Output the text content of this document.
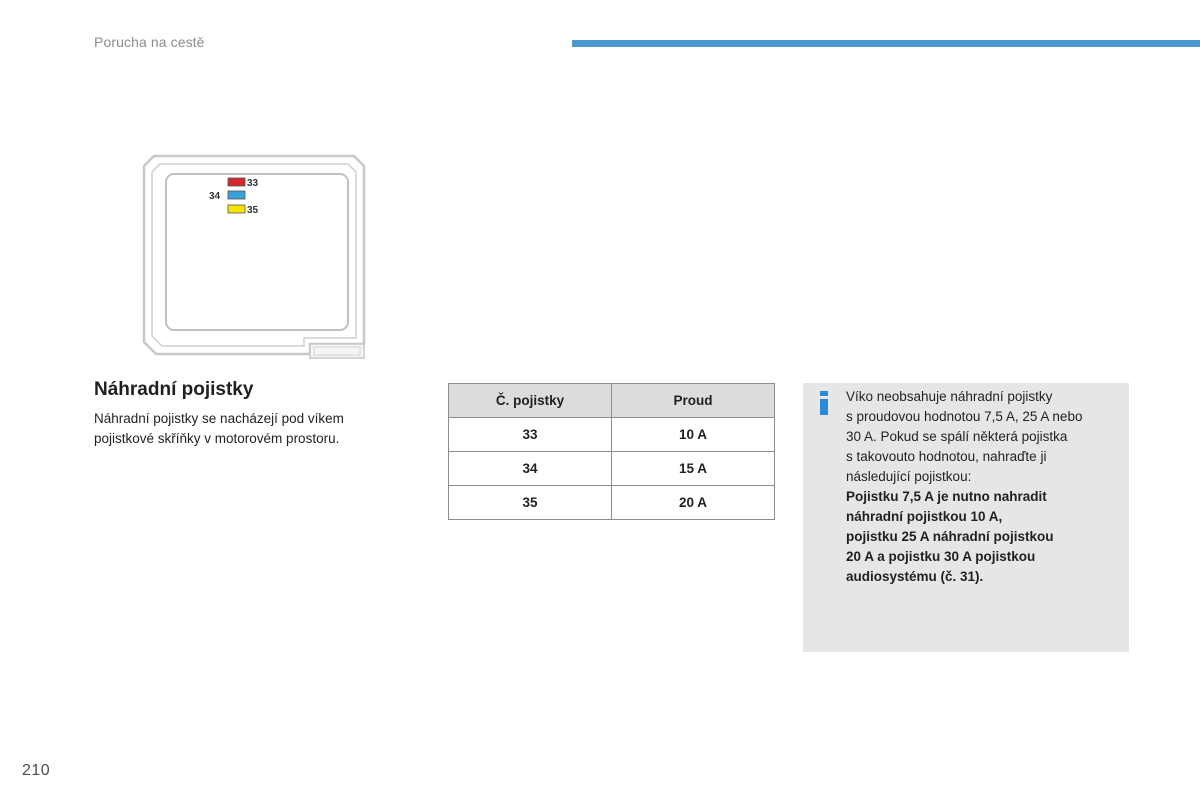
Porucha na cestě
33
34
35
Náhradní pojistky

Náhradní pojistky se nacházejí pod víkem pojistkové skříňky v motorovém prostoru.

Č. pojistky	Proud
33	10 A
34	15 A
35	20 A

Víko neobsahuje náhradní pojistky
s proudovou hodnotou 7,5 A, 25 A nebo
30 A. Pokud se spálí některá pojistka
s takovouto hodnotou, nahraďte ji
následující pojistkou:
Pojistku 7,5 A je nutno nahradit
náhradní pojistkou 10 A,
pojistku 25 A náhradní pojistkou
20 A a pojistku 30 A pojistkou
audiosystému (č. 31).

210
